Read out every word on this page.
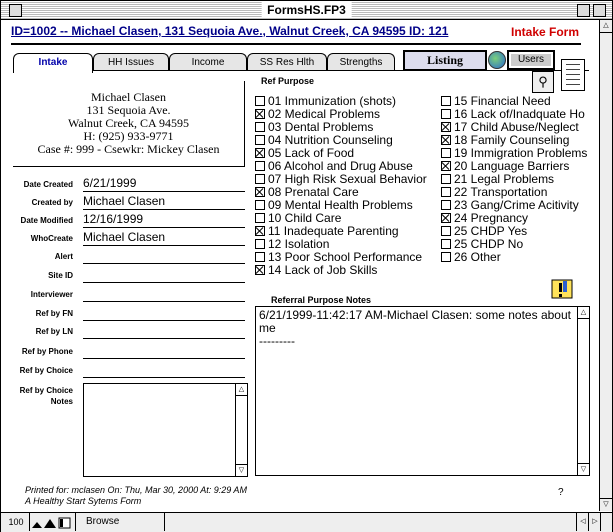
FormsHS.FP3
ID=1002 -- Michael Clasen, 131 Sequoia Ave., Walnut Creek, CA 94595 ID: 121	Intake Form
Intake	HH Issues	Income	SS Res Hlth	Strengths	Listing	Users
⚲
Michael Clasen
131 Sequoia Ave.
Walnut Creek, CA 94595
H: (925) 933-9771
Case #: 999 - Csewkr: Mickey Clasen
Date Created 6/21/1999
Created by Michael Clasen
Date Modified 12/16/1999
WhoCreate Michael Clasen
Alert
Site ID
Interviewer
Ref by FN
Ref by LN
Ref by Phone
Ref by Choice
Ref by Choice Notes
△
▽
Ref Purpose
01 Immunization (shots)
02 Medical Problems
03 Dental Problems
04 Nutrition Counseling
05 Lack of Food
06 Alcohol and Drug Abuse
07 High Risk Sexual Behavior
08 Prenatal Care
09 Mental Health Problems
10 Child Care
11 Inadequate Parenting
12 Isolation
13 Poor School Performance
14 Lack of Job Skills
15 Financial Need
16 Lack of/Inadquate Ho
17 Child Abuse/Neglect
18 Family Counseling
19 Immigration Problems
20 Language Barriers
21 Legal Problems
22 Transportation
23 Gang/Crime Acitivity
24 Pregnancy
25 CHDP Yes
25 CHDP No
26 Other
Referral Purpose Notes
6/21/1999-11:42:17 AM-Michael Clasen: some notes about me
---------
△
▽
Printed for: mclasen On: Thu, Mar 30, 2000 At: 9:29 AM
A Healthy Start Sytems Form
?
△
▽
100	Browse	◁ ▷
